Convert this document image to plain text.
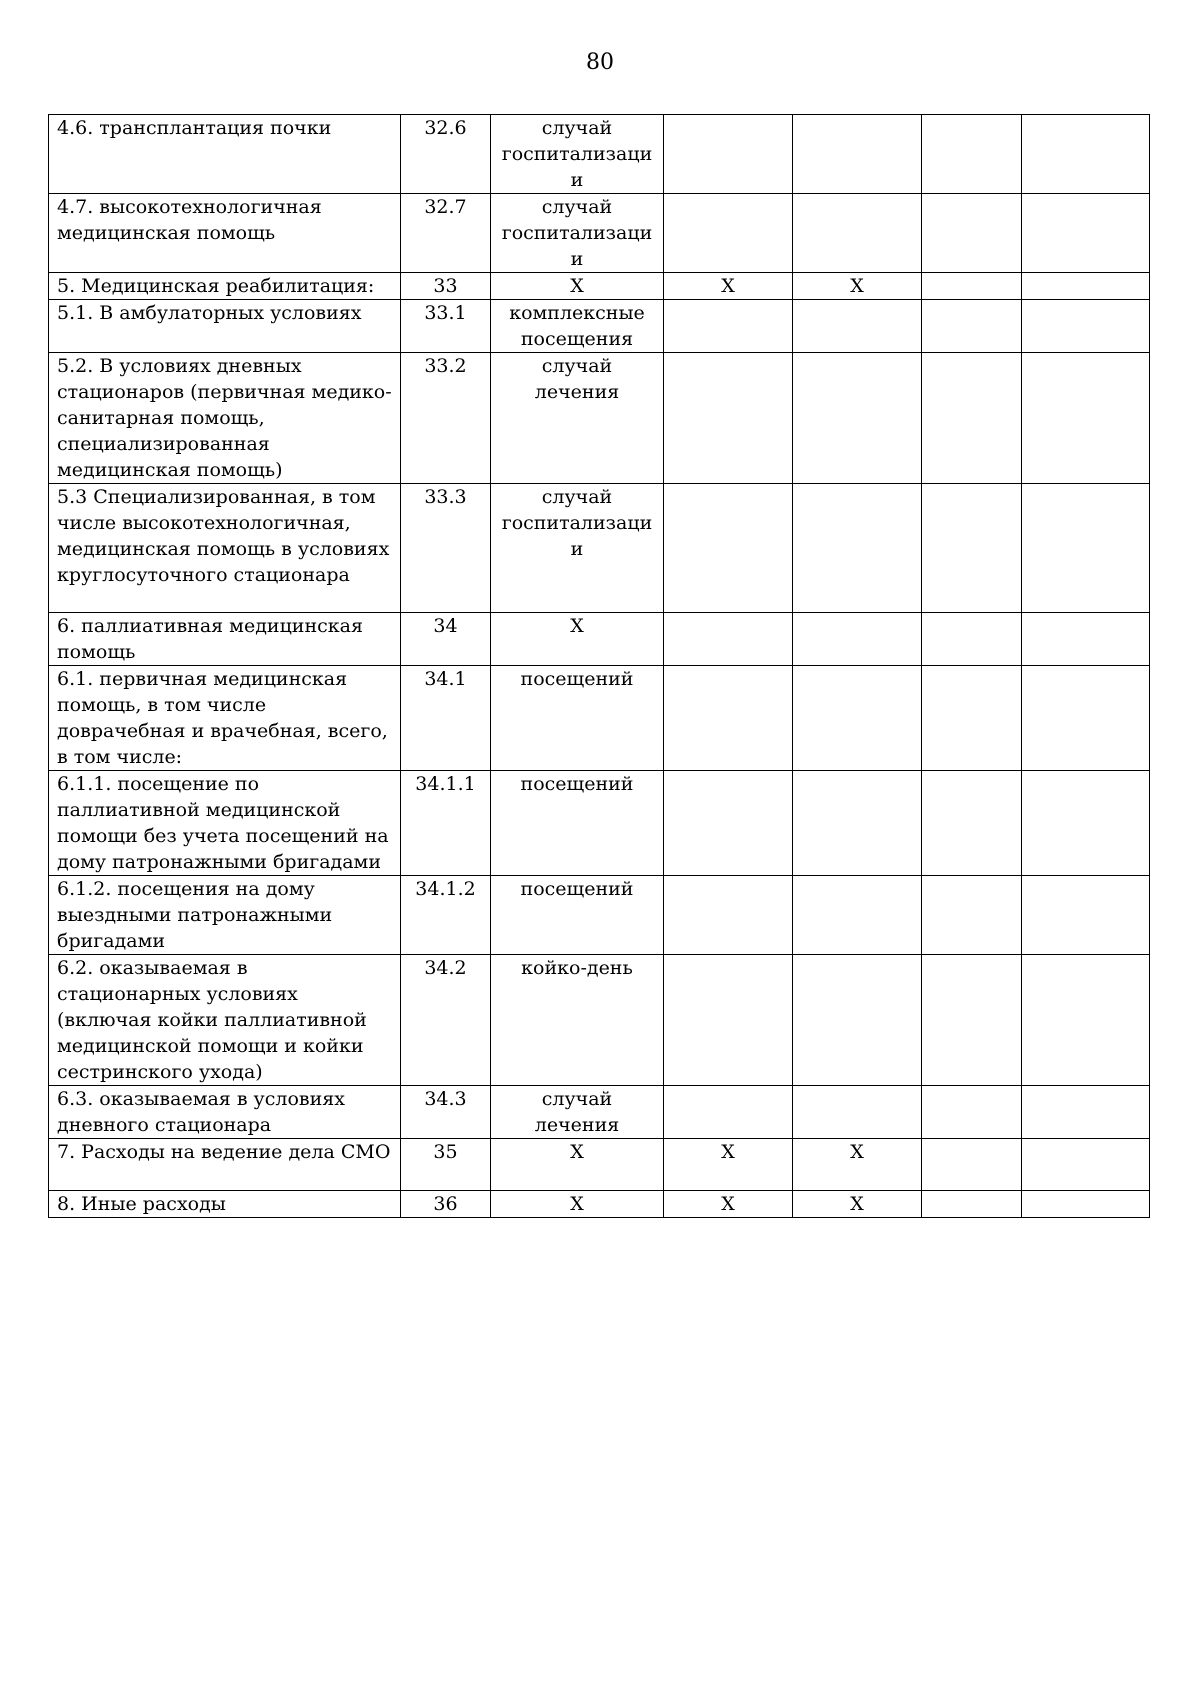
80
4.6. трансплантация почки	32.6	случай госпитализации				
4.7. высокотехнологичная медицинская помощь	32.7	случай госпитализации				
5. Медицинская реабилитация:	33	X	X	X		
5.1. В амбулаторных условиях	33.1	комплексные посещения				
5.2. В условиях дневных стационаров (первичная медико-санитарная помощь, специализированная медицинская помощь)	33.2	случай лечения				
5.3 Специализированная, в том числе высокотехнологичная, медицинская помощь в условиях круглосуточного стационара	33.3	случай госпитализации				
6. паллиативная медицинская помощь	34	X				
6.1. первичная медицинская помощь, в том числе доврачебная и врачебная, всего, в том числе:	34.1	посещений				
6.1.1. посещение по паллиативной медицинской помощи без учета посещений на дому патронажными бригадами	34.1.1	посещений				
6.1.2. посещения на дому выездными патронажными бригадами	34.1.2	посещений				
6.2. оказываемая в стационарных условиях (включая койки паллиативной медицинской помощи и койки сестринского ухода)	34.2	койко-день				
6.3. оказываемая в условиях дневного стационара	34.3	случай лечения				
7. Расходы на ведение дела СМО	35	X	X	X		
8. Иные расходы	36	X	X	X		
